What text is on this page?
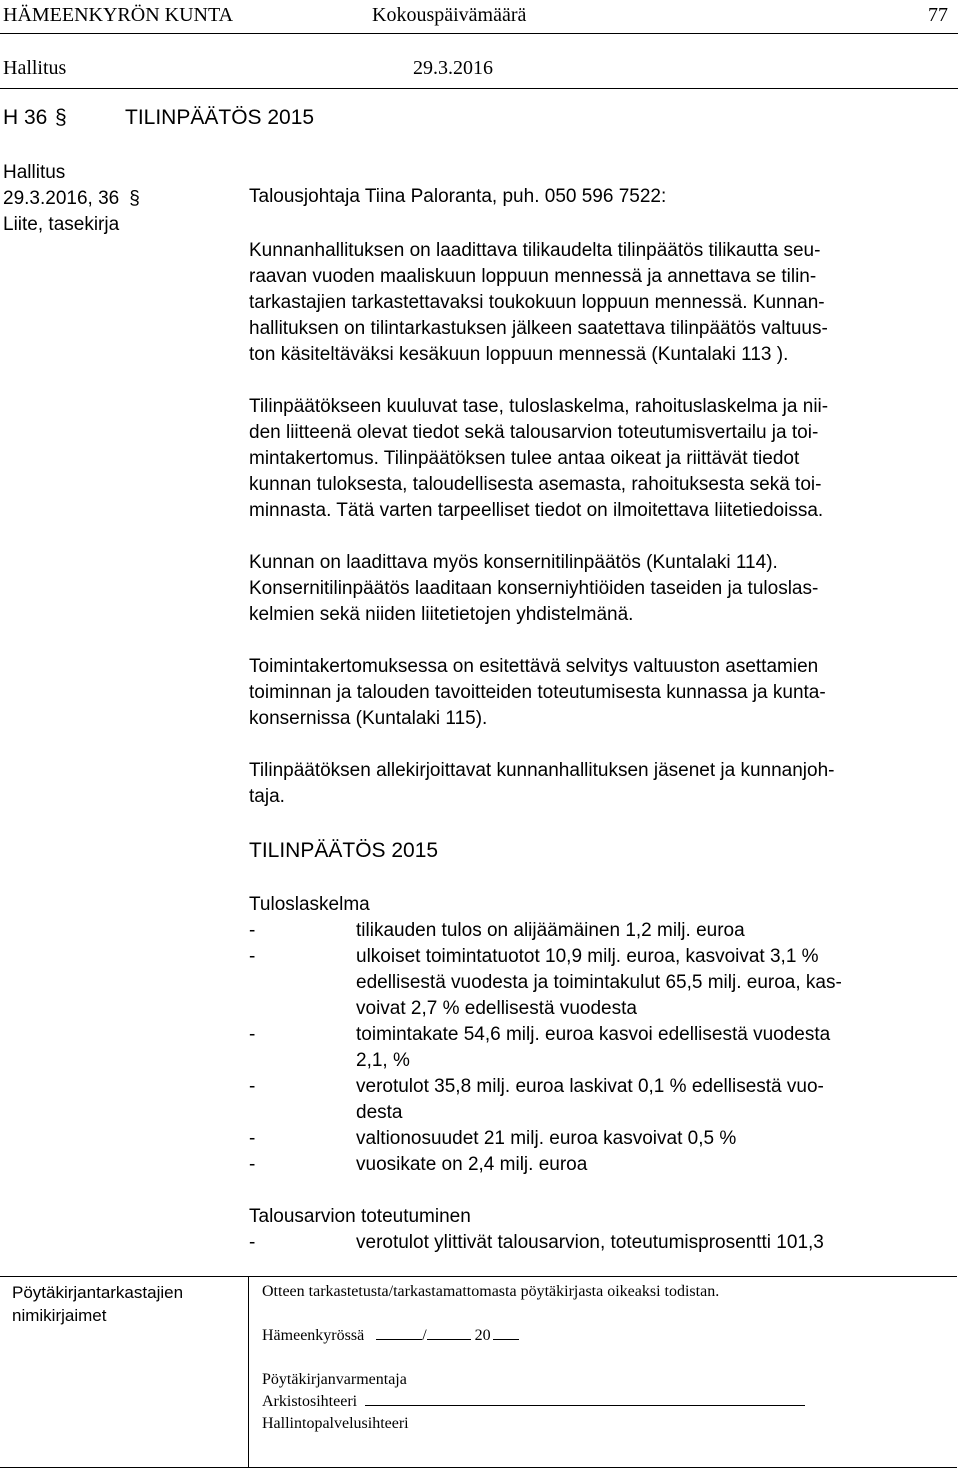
HÄMEENKYRÖN KUNTA	Kokouspäivämäärä	77
Hallitus	29.3.2016
H 36 §	TILINPÄÄTÖS 2015
Hallitus
29.3.2016, 36 §
Liite, tasekirja
Talousjohtaja Tiina Paloranta, puh. 050 596 7522:

Kunnanhallituksen on laadittava tilikaudelta tilinpäätös tilikautta seu-

raavan vuoden maaliskuun loppuun mennessä ja annettava se tilin-

tarkastajien tarkastettavaksi toukokuun loppuun mennessä. Kunnan-

hallituksen on tilintarkastuksen jälkeen saatettava tilinpäätös valtuus-

ton käsiteltäväksi kesäkuun loppuun mennessä (Kuntalaki 113 ).

Tilinpäätökseen kuuluvat tase, tuloslaskelma, rahoituslaskelma ja nii-

den liitteenä olevat tiedot sekä talousarvion toteutumisvertailu ja toi-

mintakertomus. Tilinpäätöksen tulee antaa oikeat ja riittävät tiedot

kunnan tuloksesta, taloudellisesta asemasta, rahoituksesta sekä toi-

minnasta. Tätä varten tarpeelliset tiedot on ilmoitettava liitetiedoissa.

Kunnan on laadittava myös konsernitilinpäätös (Kuntalaki 114).

Konsernitilinpäätös laaditaan konserniyhtiöiden taseiden ja tuloslas-

kelmien sekä niiden liitetietojen yhdistelmänä.

Toimintakertomuksessa on esitettävä selvitys valtuuston asettamien

toiminnan ja talouden tavoitteiden toteutumisesta kunnassa ja kunta-

konsernissa (Kuntalaki 115).

Tilinpäätöksen allekirjoittavat kunnanhallituksen jäsenet ja kunnanjoh-

taja.

TILINPÄÄTÖS 2015

Tuloslaskelma

-	tilikauden tulos on alijäämäinen 1,2 milj. euroa
-	ulkoiset toimintatuotot 10,9 milj. euroa, kasvoivat 3,1 %
edellisestä vuodesta ja toimintakulut 65,5 milj. euroa, kas-
voivat 2,7 % edellisestä vuodesta
-	toimintakate 54,6 milj. euroa kasvoi edellisestä vuodesta
2,1, %
-	verotulot 35,8 milj. euroa laskivat 0,1 % edellisestä vuo-
desta
-	valtionosuudet 21 milj. euroa kasvoivat 0,5 %
-	vuosikate on 2,4 milj. euroa

Talousarvion toteutuminen

-	verotulot ylittivät talousarvion, toteutumisprosentti 101,3
Pöytäkirjantarkastajien
nimikirjaimet
Otteen tarkastetusta/tarkastamattomasta pöytäkirjasta oikeaksi todistan.
Hämeenkyrössä	/	20
Pöytäkirjanvarmentaja
Arkistosihteeri
Hallintopalvelusihteeri
